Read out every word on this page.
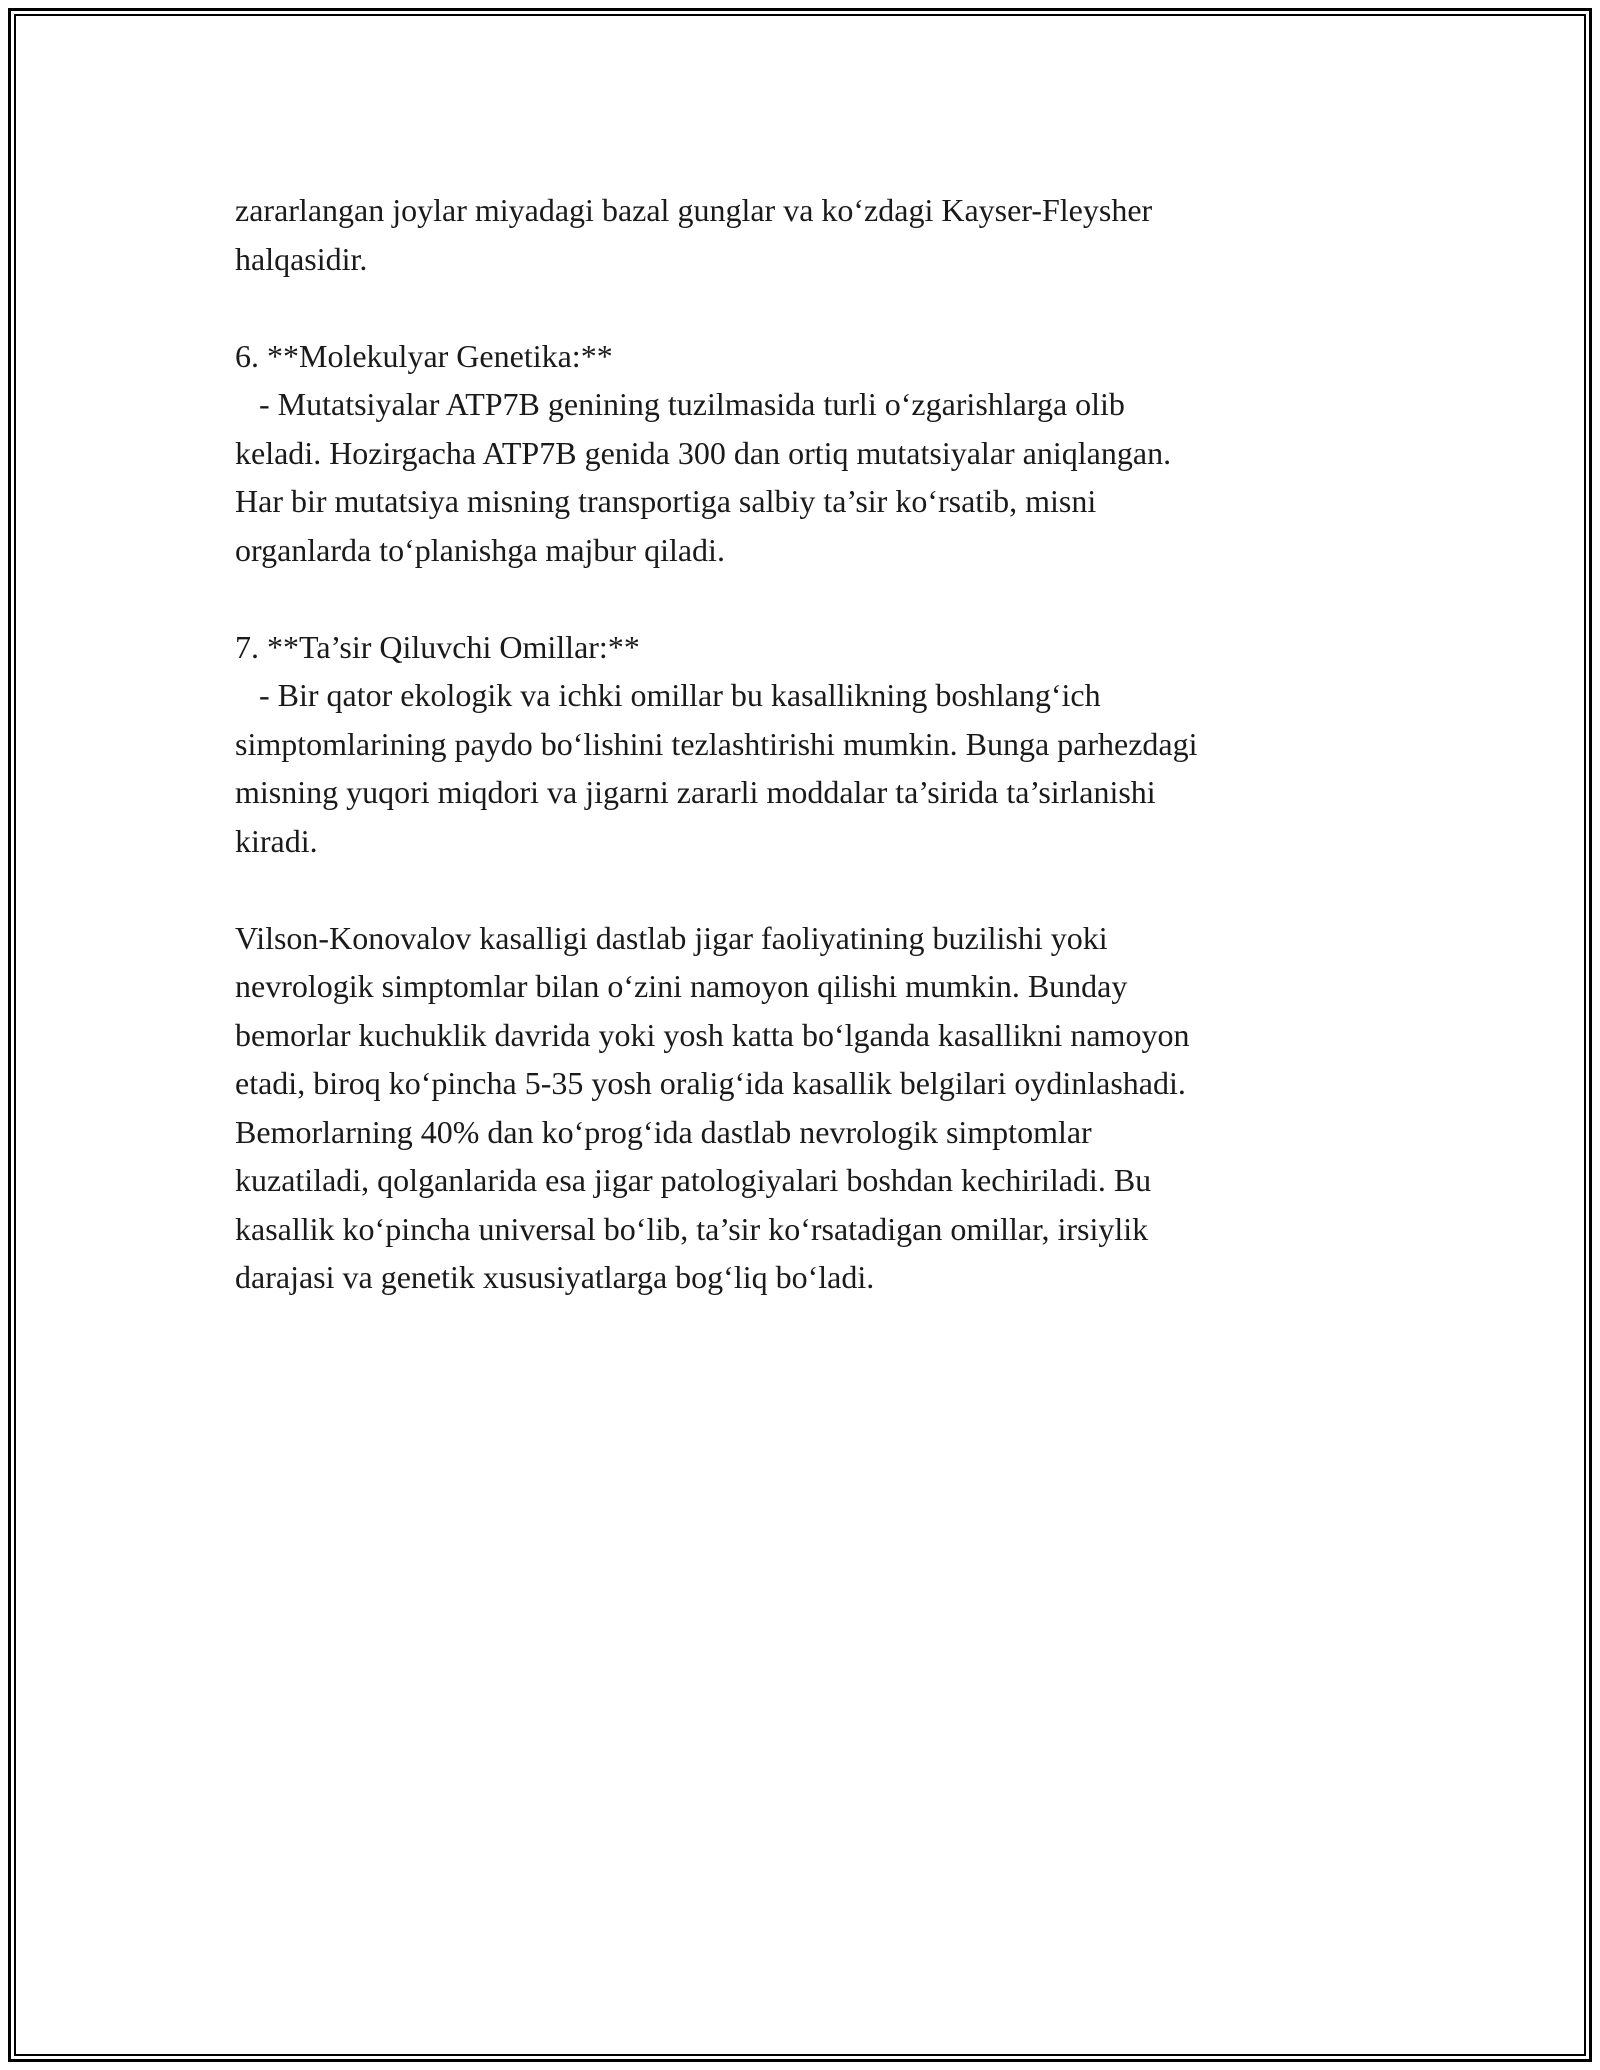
zararlangan joylar miyadagi bazal gunglar va ko‘zdagi Kayser-Fleysher
halqasidir.
6. **Molekulyar Genetika:**
- Mutatsiyalar ATP7B genining tuzilmasida turli o‘zgarishlarga olib
keladi. Hozirgacha ATP7B genida 300 dan ortiq mutatsiyalar aniqlangan.
Har bir mutatsiya misning transportiga salbiy ta’sir ko‘rsatib, misni
organlarda to‘planishga majbur qiladi.
7. **Ta’sir Qiluvchi Omillar:**
- Bir qator ekologik va ichki omillar bu kasallikning boshlang‘ich
simptomlarining paydo bo‘lishini tezlashtirishi mumkin. Bunga parhezdagi
misning yuqori miqdori va jigarni zararli moddalar ta’sirida ta’sirlanishi
kiradi.
Vilson-Konovalov kasalligi dastlab jigar faoliyatining buzilishi yoki
nevrologik simptomlar bilan o‘zini namoyon qilishi mumkin. Bunday
bemorlar kuchuklik davrida yoki yosh katta bo‘lganda kasallikni namoyon
etadi, biroq ko‘pincha 5-35 yosh oralig‘ida kasallik belgilari oydinlashadi.
Bemorlarning 40% dan ko‘prog‘ida dastlab nevrologik simptomlar
kuzatiladi, qolganlarida esa jigar patologiyalari boshdan kechiriladi. Bu
kasallik ko‘pincha universal bo‘lib, ta’sir ko‘rsatadigan omillar, irsiylik
darajasi va genetik xususiyatlarga bog‘liq bo‘ladi.
